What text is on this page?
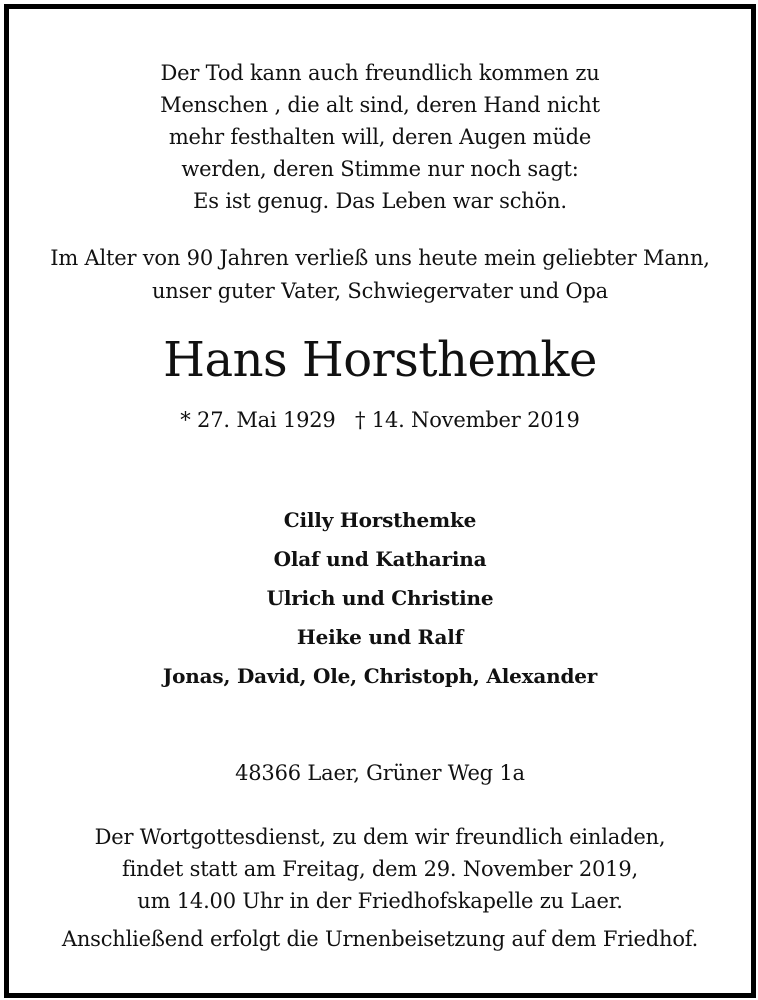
Der Tod kann auch freundlich kommen zu
Menschen , die alt sind, deren Hand nicht
mehr festhalten will, deren Augen müde
werden, deren Stimme nur noch sagt:
Es ist genug. Das Leben war schön.
Im Alter von 90 Jahren verließ uns heute mein geliebter Mann,
unser guter Vater, Schwiegervater und Opa
Hans Horsthemke
* 27. Mai 1929   † 14. November 2019
Cilly Horsthemke
Olaf und Katharina
Ulrich und Christine
Heike und Ralf
Jonas, David, Ole, Christoph, Alexander
48366 Laer, Grüner Weg 1a
Der Wortgottesdienst, zu dem wir freundlich einladen,
findet statt am Freitag, dem 29. November 2019,
um 14.00 Uhr in der Friedhofskapelle zu Laer.
Anschließend erfolgt die Urnenbeisetzung auf dem Friedhof.
